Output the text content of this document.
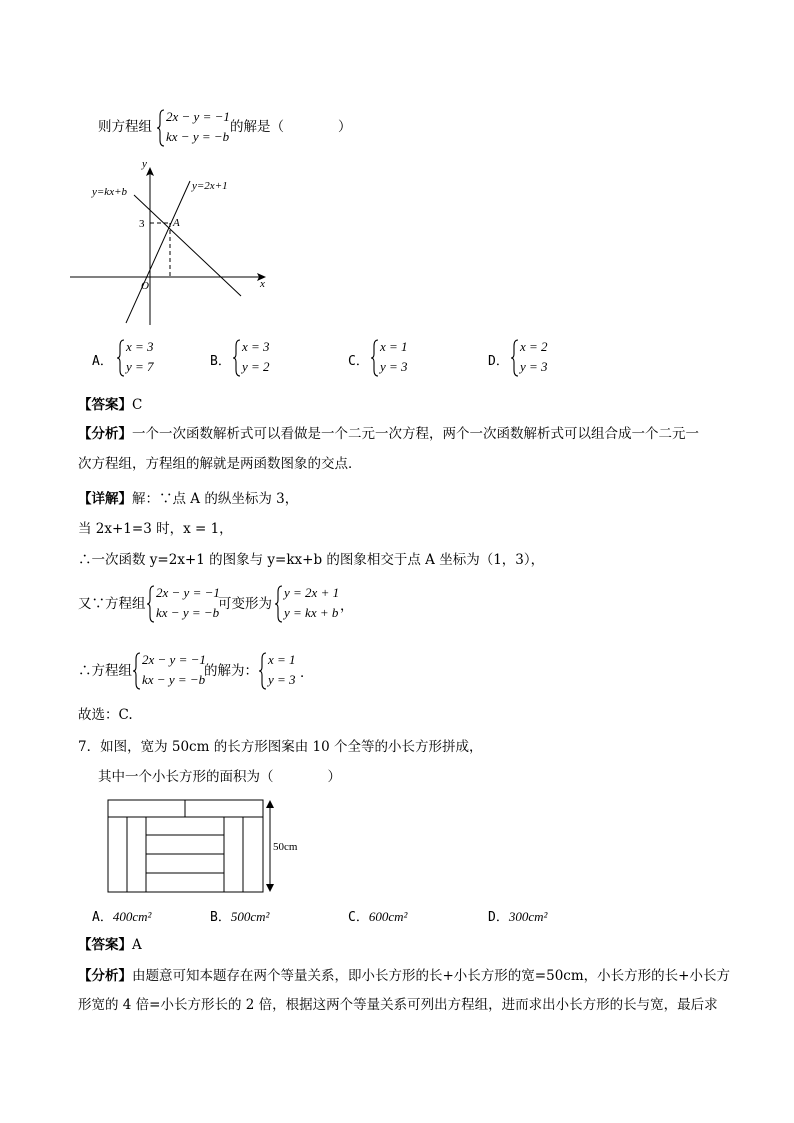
则方程组
2x − y = −1
kx − y = −b
的解是（　　　　）
y
x
O
3	A
y=2x+1
y=kx+b
A．
x = 3
y = 7	B．
x = 3
y = 2	C．
x = 1
y = 3	D．
x = 2
y = 3
【答案】C
【分析】一个一次函数解析式可以看做是一个二元一次方程，两个一次函数解析式可以组合成一个二元一
次方程组，方程组的解就是两函数图象的交点．
【详解】解：∵点 A 的纵坐标为 3，
当 2x+1=3 时，x = 1，
∴一次函数 y=2x+1 的图象与 y=kx+b 的图象相交于点 A 坐标为（1，3），
又∵方程组
2x − y = −1
kx − y = −b
可变形为
y = 2x + 1
y = kx + b ，
∴方程组
2x − y = −1
kx − y = −b
的解为：
x = 1
y = 3 ．
故选：C.
7．如图，宽为 50cm 的长方形图案由 10 个全等的小长方形拼成，
其中一个小长方形的面积为（　　　　）
50cm
A．400cm²	B．500cm²	C．600cm²	D．300cm²
【答案】A
【分析】由题意可知本题存在两个等量关系，即小长方形的长+小长方形的宽=50cm，小长方形的长+小长方
形宽的 4 倍=小长方形长的 2 倍，根据这两个等量关系可列出方程组，进而求出小长方形的长与宽，最后求
